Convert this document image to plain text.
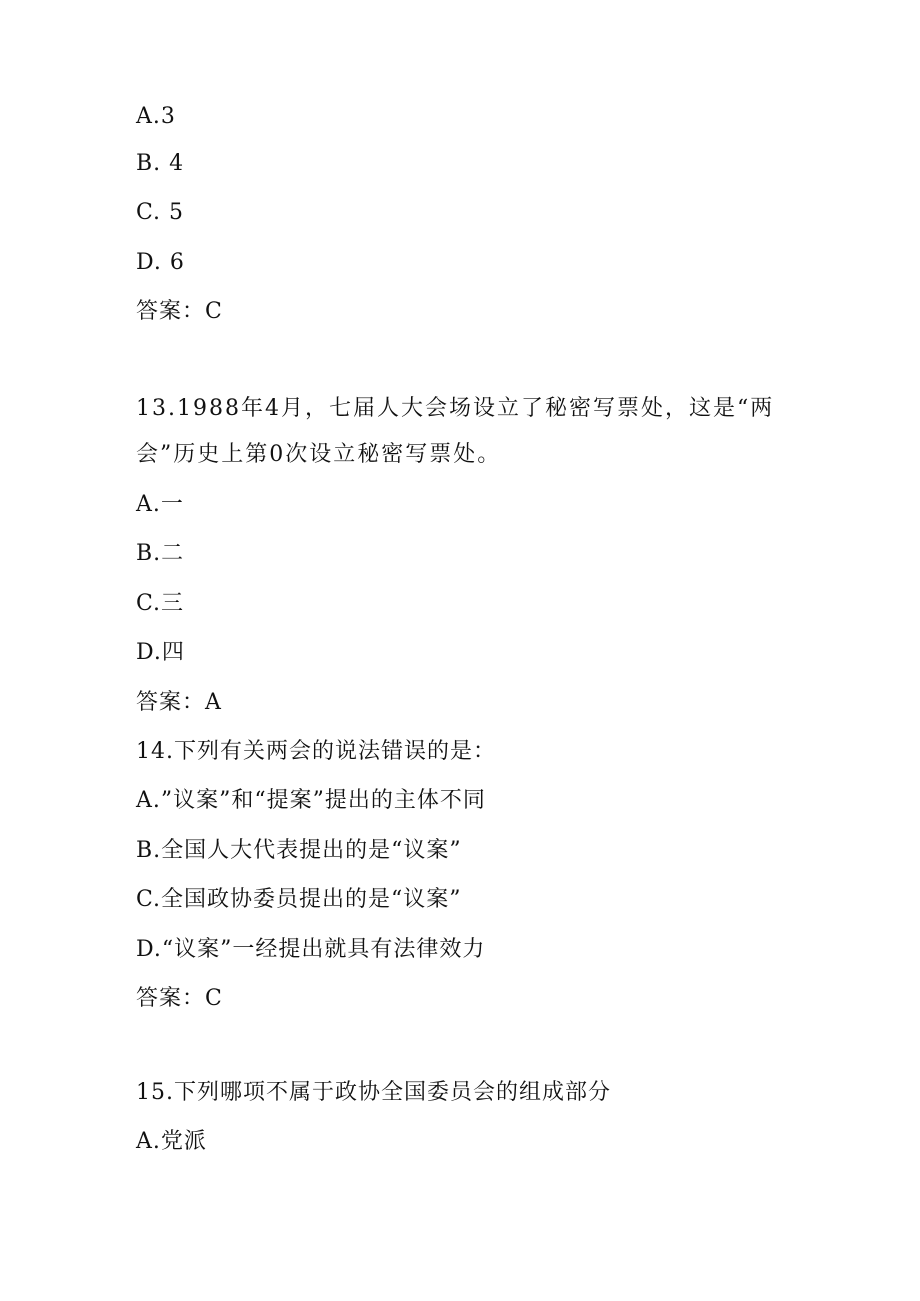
A.3
B. 4
C. 5
D. 6
答案：C
13.1988年4月，七届人大会场设立了秘密写票处，这是“两
会”历史上第0次设立秘密写票处。
A.一
B.二
C.三
D.四
答案：A
14.下列有关两会的说法错误的是：
A.”议案”和“提案”提出的主体不同
B.全国人大代表提出的是“议案”
C.全国政协委员提出的是“议案”
D.“议案”一经提出就具有法律效力
答案：C
15.下列哪项不属于政协全国委员会的组成部分
A.党派
